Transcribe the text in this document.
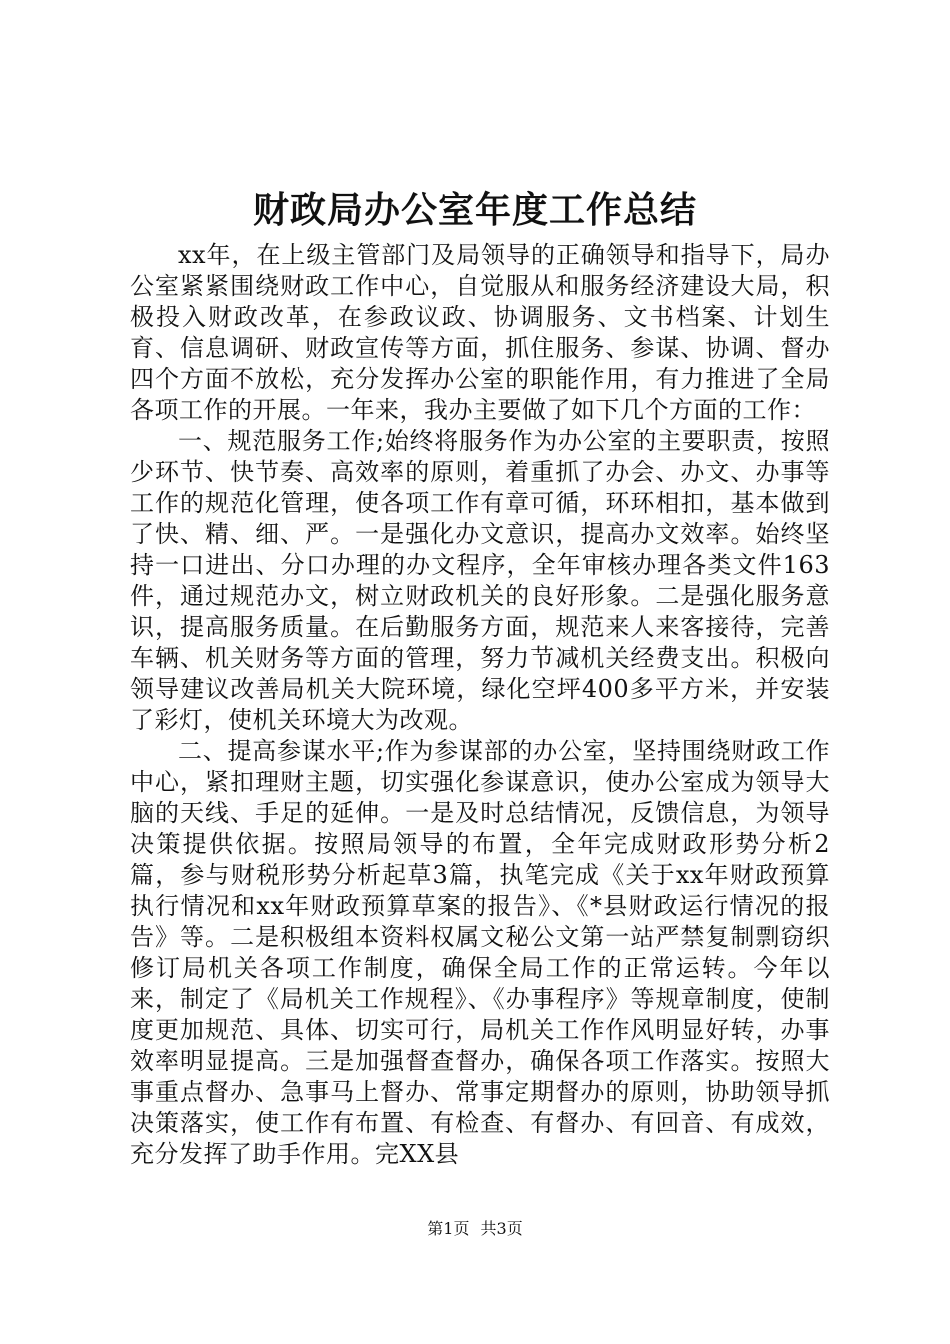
财政局办公室年度工作总结

xx年，在上级主管部门及局领导的正确领导和指导下，局办公室紧紧围绕财政工作中心，自觉服从和服务经济建设大局，积极投入财政改革，在参政议政、协调服务、文书档案、计划生育、信息调研、财政宣传等方面，抓住服务、参谋、协调、督办四个方面不放松，充分发挥办公室的职能作用，有力推进了全局各项工作的开展。一年来，我办主要做了如下几个方面的工作：

一、规范服务工作;始终将服务作为办公室的主要职责，按照少环节、快节奏、高效率的原则，着重抓了办会、办文、办事等工作的规范化管理，使各项工作有章可循，环环相扣，基本做到了快、精、细、严。一是强化办文意识，提高办文效率。始终坚持一口进出、分口办理的办文程序，全年审核办理各类文件163件，通过规范办文，树立财政机关的良好形象。二是强化服务意识，提高服务质量。在后勤服务方面，规范来人来客接待，完善车辆、机关财务等方面的管理，努力节减机关经费支出。积极向领导建议改善局机关大院环境，绿化空坪400多平方米，并安装了彩灯，使机关环境大为改观。

二、提高参谋水平;作为参谋部的办公室，坚持围绕财政工作中心，紧扣理财主题，切实强化参谋意识，使办公室成为领导大脑的天线、手足的延伸。一是及时总结情况，反馈信息，为领导决策提供依据。按照局领导的布置，全年完成财政形势分析2篇，参与财税形势分析起草3篇，执笔完成《关于xx年财政预算执行情况和xx年财政预算草案的报告》、《*县财政运行情况的报告》等。二是积极组本资料权属文秘公文第一站严禁复制剽窃织修订局机关各项工作制度，确保全局工作的正常运转。今年以来，制定了《局机关工作规程》、《办事程序》等规章制度，使制度更加规范、具体、切实可行，局机关工作作风明显好转，办事效率明显提高。三是加强督查督办，确保各项工作落实。按照大事重点督办、急事马上督办、常事定期督办的原则，协助领导抓决策落实，使工作有布置、有检查、有督办、有回音、有成效，充分发挥了助手作用。完XX县

第1页 共3页
